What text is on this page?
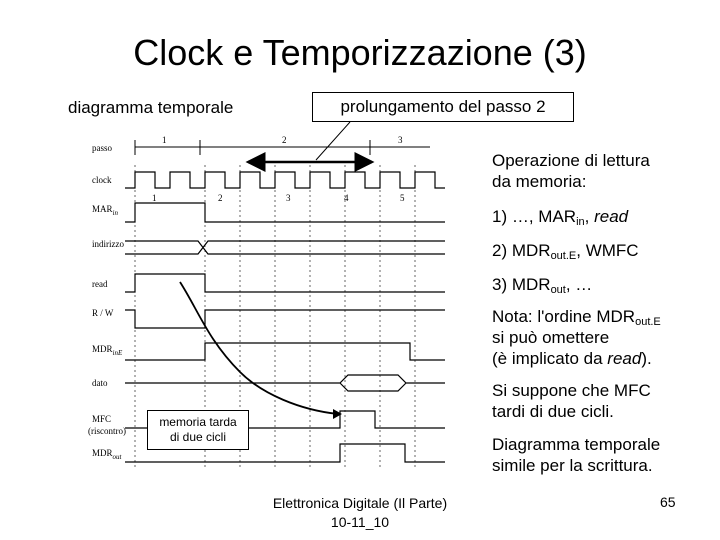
Clock e Temporizzazione (3)
diagramma temporale	prolungamento del passo 2
passo
clock
$MAR_{in}$
indirizzo
read
R / W
$MDR_{inE}$
dato
MFC
(riscontro)
$MDR_{out}$
1	2	3
1	2	3	4	5
memoria tarda
di due cicli
Operazione di lettura
da memoria:
1) …, $MAR_{in}$, read
2) $MDR_{out.E}$, WMFC
3) $MDR_{out}$, …
Nota: l'ordine $MDR_{out.E}$
si può omettere
(è implicato da read).
Si suppone che MFC
tardi di due cicli.
Diagramma temporale
simile per la scrittura.
Elettronica Digitale (Il Parte)
10-11_10
65
